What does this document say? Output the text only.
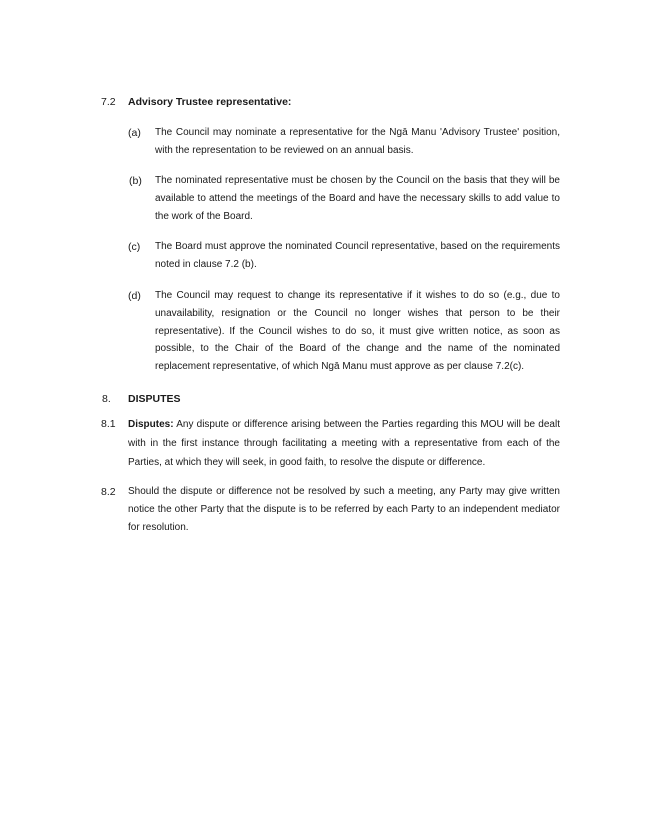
7.2 Advisory Trustee representative:
(a) The Council may nominate a representative for the Ngā Manu 'Advisory Trustee' position, with the representation to be reviewed on an annual basis.
(b) The nominated representative must be chosen by the Council on the basis that they will be available to attend the meetings of the Board and have the necessary skills to add value to the work of the Board.
(c) The Board must approve the nominated Council representative, based on the requirements noted in clause 7.2 (b).
(d) The Council may request to change its representative if it wishes to do so (e.g., due to unavailability, resignation or the Council no longer wishes that person to be their representative). If the Council wishes to do so, it must give written notice, as soon as possible, to the Chair of the Board of the change and the name of the nominated replacement representative, of which Ngā Manu must approve as per clause 7.2(c).
8. DISPUTES
8.1 Disputes: Any dispute or difference arising between the Parties regarding this MOU will be dealt with in the first instance through facilitating a meeting with a representative from each of the Parties, at which they will seek, in good faith, to resolve the dispute or difference.
8.2 Should the dispute or difference not be resolved by such a meeting, any Party may give written notice the other Party that the dispute is to be referred by each Party to an independent mediator for resolution.
